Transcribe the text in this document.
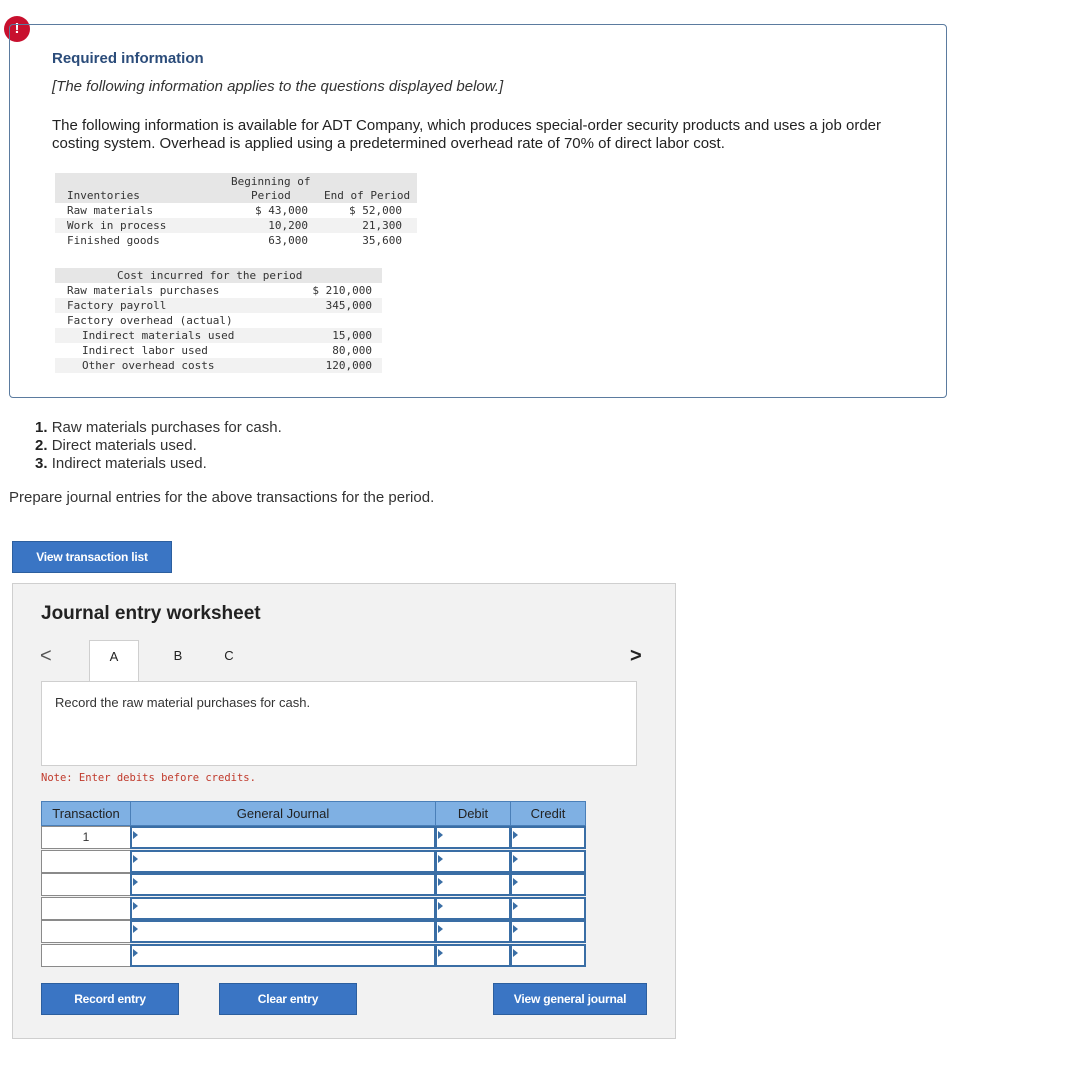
!
Required information
[The following information applies to the questions displayed below.]
The following information is available for ADT Company, which produces special-order security products and uses a job order costing system. Overhead is applied using a predetermined overhead rate of 70% of direct labor cost.
Beginning of
Inventories	Period	End of Period
Raw materials	$ 43,000	$ 52,000
Work in process	10,200	21,300
Finished goods	63,000	35,600
Cost incurred for the period
Raw materials purchases	$ 210,000
Factory payroll	345,000
Factory overhead (actual)
Indirect materials used	15,000
Indirect labor used	80,000
Other overhead costs	120,000
1. Raw materials purchases for cash.
2. Direct materials used.
3. Indirect materials used.
Prepare journal entries for the above transactions for the period.
View transaction list
Journal entry worksheet
<	>
A	B	C
Record the raw material purchases for cash.
Note: Enter debits before credits.
Transaction	General Journal	Debit	Credit
1
Record entry	Clear entry	View general journal
